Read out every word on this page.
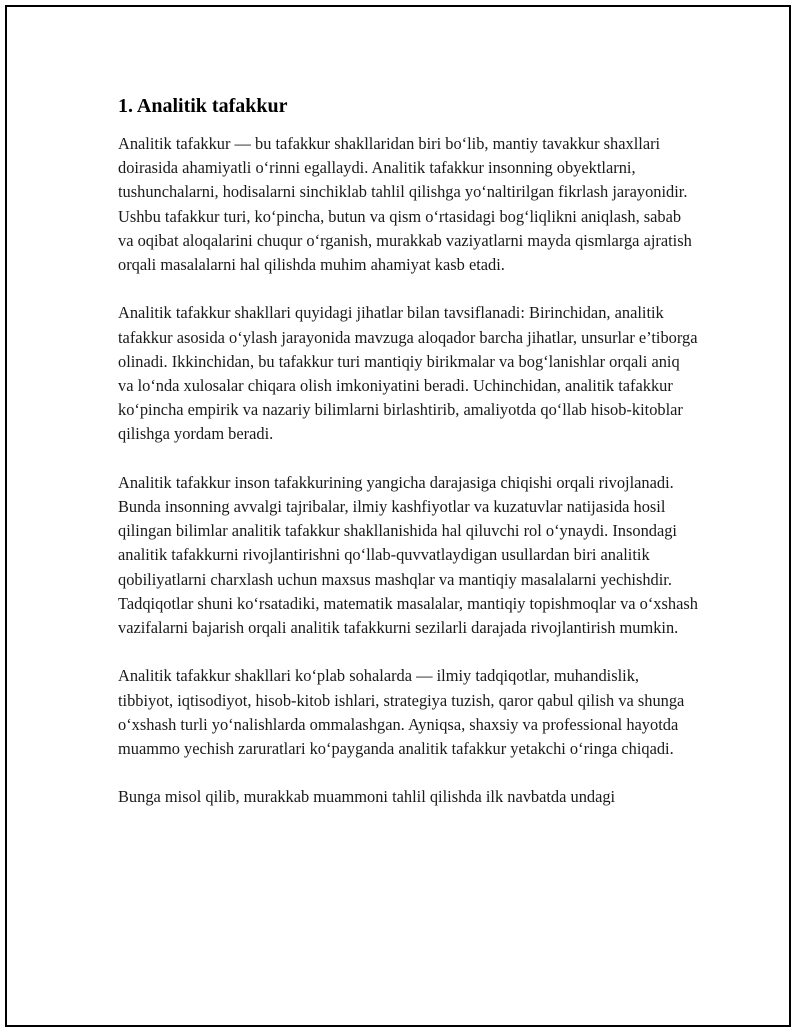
1. Analitik tafakkur

Analitik tafakkur — bu tafakkur shakllaridan biri bo‘lib, mantiy tavakkur shaxllari doirasida ahamiyatli o‘rinni egallaydi. Analitik tafakkur insonning obyektlarni, tushunchalarni, hodisalarni sinchiklab tahlil qilishga yo‘naltirilgan fikrlash jarayonidir. Ushbu tafakkur turi, ko‘pincha, butun va qism o‘rtasidagi bog‘liqlikni aniqlash, sabab va oqibat aloqalarini chuqur o‘rganish, murakkab vaziyatlarni mayda qismlarga ajratish orqali masalalarni hal qilishda muhim ahamiyat kasb etadi.

Analitik tafakkur shakllari quyidagi jihatlar bilan tavsiflanadi: Birinchidan, analitik tafakkur asosida o‘ylash jarayonida mavzuga aloqador barcha jihatlar, unsurlar e’tiborga olinadi. Ikkinchidan, bu tafakkur turi mantiqiy birikmalar va bog‘lanishlar orqali aniq va lo‘nda xulosalar chiqara olish imkoniyatini beradi. Uchinchidan, analitik tafakkur ko‘pincha empirik va nazariy bilimlarni birlashtirib, amaliyotda qo‘llab hisob-kitoblar qilishga yordam beradi.

Analitik tafakkur inson tafakkurining yangicha darajasiga chiqishi orqali rivojlanadi. Bunda insonning avvalgi tajribalar, ilmiy kashfiyotlar va kuzatuvlar natijasida hosil qilingan bilimlar analitik tafakkur shakllanishida hal qiluvchi rol o‘ynaydi. Insondagi analitik tafakkurni rivojlantirishni qo‘llab-quvvatlaydigan usullardan biri analitik qobiliyatlarni charxlash uchun maxsus mashqlar va mantiqiy masalalarni yechishdir. Tadqiqotlar shuni ko‘rsatadiki, matematik masalalar, mantiqiy topishmoqlar va o‘xshash vazifalarni bajarish orqali analitik tafakkurni sezilarli darajada rivojlantirish mumkin.

Analitik tafakkur shakllari ko‘plab sohalarda — ilmiy tadqiqotlar, muhandislik, tibbiyot, iqtisodiyot, hisob-kitob ishlari, strategiya tuzish, qaror qabul qilish va shunga o‘xshash turli yo‘nalishlarda ommalashgan. Ayniqsa, shaxsiy va professional hayotda muammo yechish zaruratlari ko‘payganda analitik tafakkur yetakchi o‘ringa chiqadi.

Bunga misol qilib, murakkab muammoni tahlil qilishda ilk navbatda undagi
